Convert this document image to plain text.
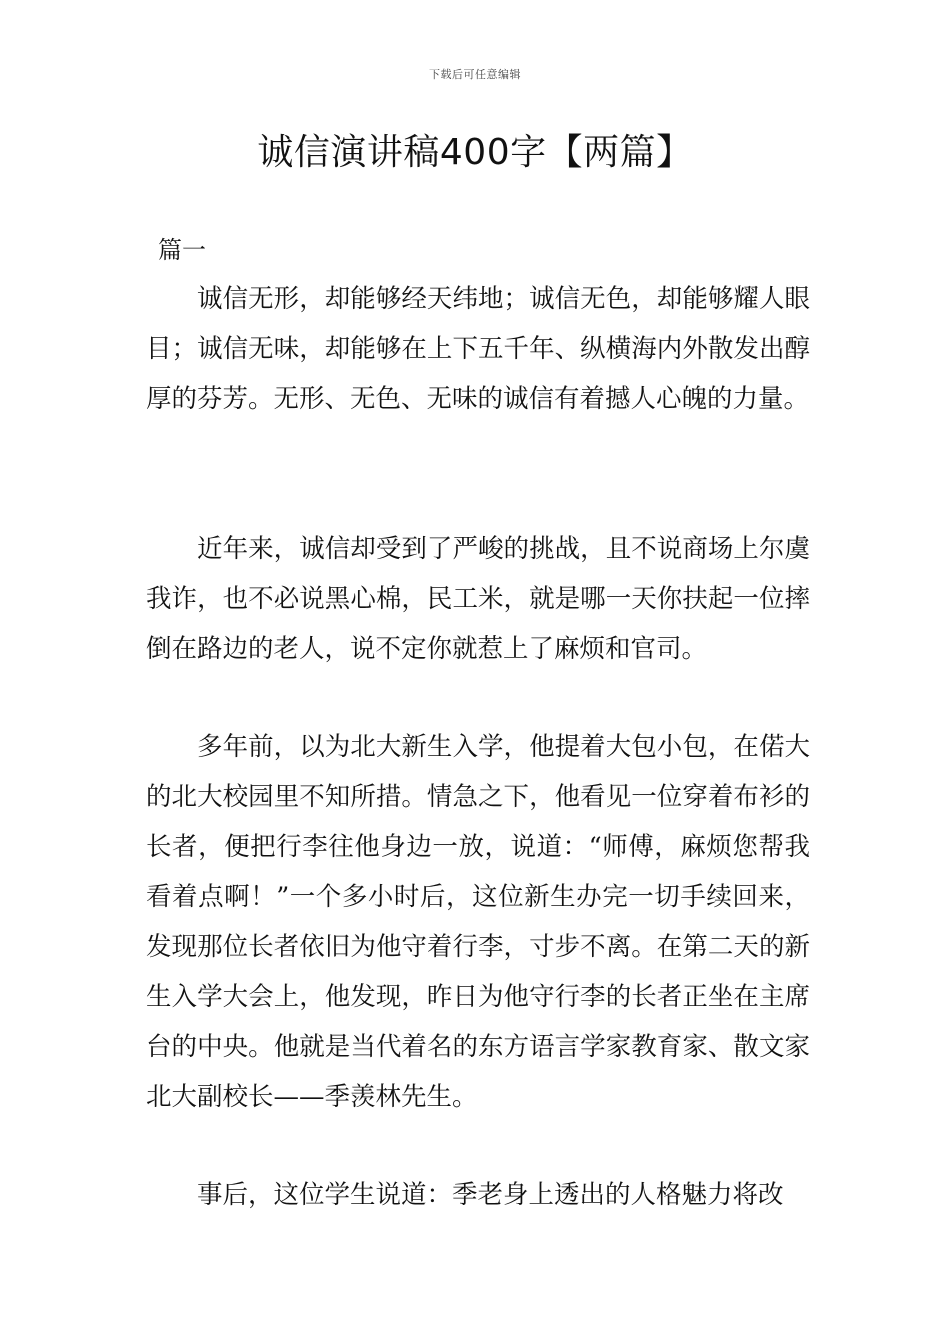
下载后可任意编辑
诚信演讲稿400字【两篇】
篇一

诚信无形，却能够经天纬地；诚信无色，却能够耀人眼目；诚信无味，却能够在上下五千年、纵横海内外散发出醇厚的芬芳。无形、无色、无味的诚信有着撼人心魄的力量。

近年来，诚信却受到了严峻的挑战，且不说商场上尔虞我诈，也不必说黑心棉，民工米，就是哪一天你扶起一位摔倒在路边的老人，说不定你就惹上了麻烦和官司。

多年前，以为北大新生入学，他提着大包小包，在偌大的北大校园里不知所措。情急之下，他看见一位穿着布衫的长者，便把行李往他身边一放，说道：“师傅，麻烦您帮我看着点啊！”一个多小时后，这位新生办完一切手续回来，发现那位长者依旧为他守着行李，寸步不离。在第二天的新生入学大会上，他发现，昨日为他守行李的长者正坐在主席台的中央。他就是当代着名的东方语言学家教育家、散文家北大副校长——季羡林先生。

事后，这位学生说道：季老身上透出的人格魅力将改
